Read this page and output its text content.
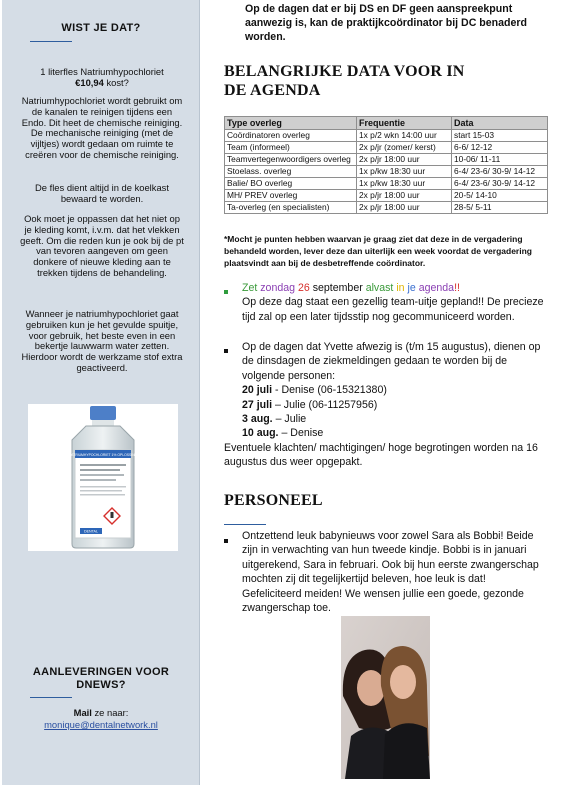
WIST JE DAT?
1 literfles Natriumhypochloriet
€10,94 kost?
Natriumhypochloriet wordt gebruikt om de kanalen te reinigen tijdens een Endo. Dit heet de chemische reiniging. De mechanische reiniging (met de vijltjes) wordt gedaan om ruimte te creëren voor de chemische reiniging.
De fles dient altijd in de koelkast bewaard te worden.
Ook moet je oppassen dat het niet op je kleding komt, i.v.m. dat het vlekken geeft. Om die reden kun je ook bij de pt van tevoren aangeven om geen donkere of nieuwe kleding aan te trekken tijdens de behandeling.
Wanneer je natriumhypochloriet gaat gebruiken kun je het gevulde spuitje, voor gebruik, het beste even in een bekertje lauwwarm water zetten. Hierdoor wordt de werkzame stof extra geactiveerd.
NATRIUMHYPOCHLORIET 1% OPLOSSING
DENTAL
AANLEVERINGEN VOOR DNEWS?
Mail ze naar:
monique@dentalnetwork.nl
Op de dagen dat er bij DS en DF geen aanspreekpunt aanwezig is, kan de praktijkcoördinator bij DC benaderd worden.
BELANGRIJKE DATA VOOR IN DE AGENDA
Type overleg	Frequentie	Data
Coördinatoren overleg	1x p/2 wkn 14:00 uur	start 15-03
Team (informeel)	2x p/jr (zomer/ kerst)	6-6/ 12-12
Teamvertegenwoordigers overleg	2x p/jr 18:00 uur	10-06/ 11-11
Stoelass. overleg	1x p/kw 18:30 uur	6-4/ 23-6/ 30-9/ 14-12
Balie/ BO overleg	1x p/kw 18:30 uur	6-4/ 23-6/ 30-9/ 14-12
MH/ PREV overleg	2x p/jr 18:00 uur	20-5/ 14-10
Ta-overleg (en specialisten)	2x p/jr 18:00 uur	28-5/ 5-11
*Mocht je punten hebben waarvan je graag ziet dat deze in de vergadering behandeld worden, lever deze dan uiterlijk een week voordat de vergadering plaatsvindt aan bij de desbetreffende coördinator.
Zet zondag 26 september alvast in je agenda!!
Op deze dag staat een gezellig team-uitje gepland!! De precieze tijd zal op een later tijdsstip nog gecommuniceerd worden.
Op de dagen dat Yvette afwezig is (t/m 15 augustus), dienen op de dinsdagen de ziekmeldingen gedaan te worden bij de volgende personen:
20 juli - Denise (06-15321380)
27 juli – Julie (06-11257956)
3 aug. – Julie
10 aug. – Denise
Eventuele klachten/ machtigingen/ hoge begrotingen worden na 16 augustus dus weer opgepakt.
PERSONEEL
Ontzettend leuk babynieuws voor zowel Sara als Bobbi! Beide zijn in verwachting van hun tweede kindje. Bobbi is in januari uitgerekend, Sara in februari. Ook bij hun eerste zwangerschap mochten zij dit tegelijkertijd beleven, hoe leuk is dat! Gefeliciteerd meiden! We wensen jullie een goede, gezonde zwangerschap toe.
